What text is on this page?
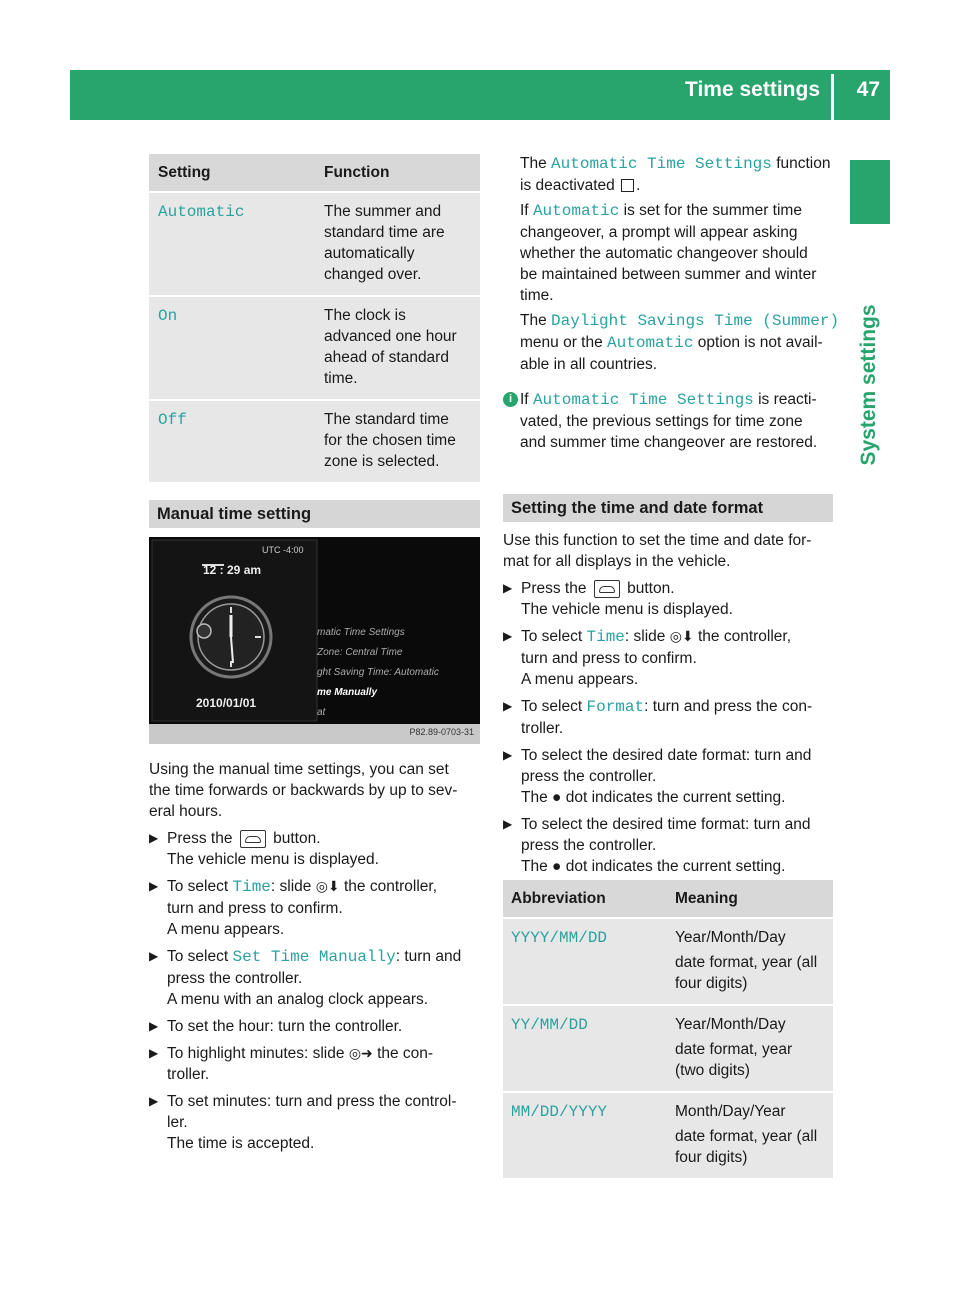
Time settings 47
System settings
Setting	Function
Automatic	The summer and
standard time are
automatically
changed over.

On	The clock is
advanced one hour
ahead of standard
time.

Off	The standard time
for the chosen time
zone is selected.
Manual time setting
UTC -4:00
12 : 29 am
2010/01/01
matic Time Settings
Zone: Central Time
ght Saving Time: Automatic
me Manually
at
P82.89-0703-31

Using the manual time settings, you can set
the time forwards or backwards by up to sev-
eral hours.

▶ Press the	button.
The vehicle menu is displayed.
▶ To select Time: slide ◎⬇ the controller,
turn and press to confirm.
A menu appears.
▶ To select Set Time Manually: turn and
press the controller.
A menu with an analog clock appears.
▶ To set the hour: turn the controller.
▶ To highlight minutes: slide ◎➜ the con-
troller.
▶ To set minutes: turn and press the control-
ler.
The time is accepted.
The Automatic Time Settings function
is deactivated .
If Automatic is set for the summer time
changeover, a prompt will appear asking
whether the automatic changeover should
be maintained between summer and winter
time.
The Daylight Savings Time (Summer)
menu or the Automatic option is not avail-
able in all countries.
i If Automatic Time Settings is reacti-
vated, the previous settings for time zone
and summer time changeover are restored.
Setting the time and date format

Use this function to set the time and date for-
mat for all displays in the vehicle.

▶ Press the	button.
The vehicle menu is displayed.
▶ To select Time: slide ◎⬇ the controller,
turn and press to confirm.
A menu appears.
▶ To select Format: turn and press the con-
troller.
▶ To select the desired date format: turn and
press the controller.
The ● dot indicates the current setting.
▶ To select the desired time format: turn and
press the controller.
The ● dot indicates the current setting.
Abbreviation	Meaning
YYYY/MM/DD	Year/Month/Day
date format, year (all
four digits)

YY/MM/DD	Year/Month/Day
date format, year
(two digits)

MM/DD/YYYY	Month/Day/Year
date format, year (all
four digits)
